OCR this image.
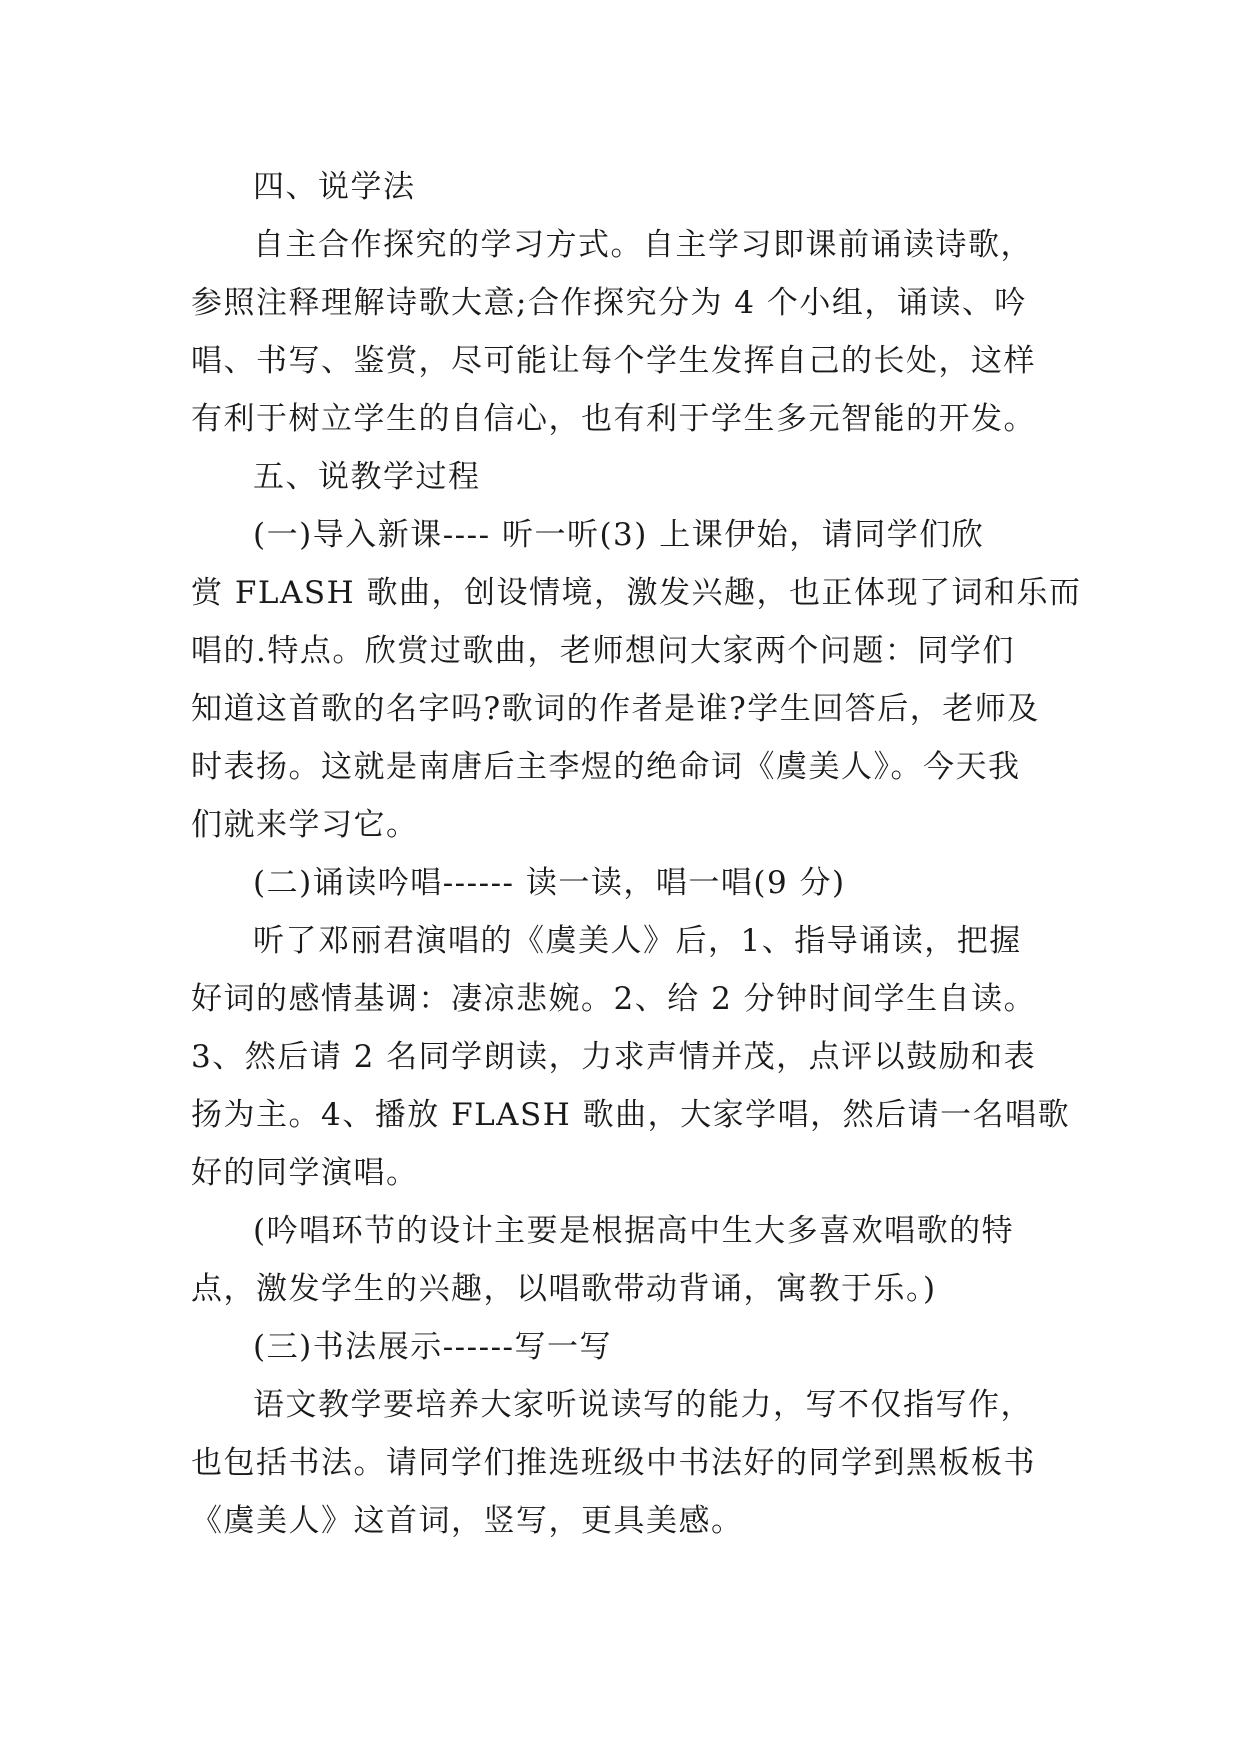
四、说学法
自主合作探究的学习方式。自主学习即课前诵读诗歌，
参照注释理解诗歌大意;合作探究分为 4 个小组，诵读、吟
唱、书写、鉴赏，尽可能让每个学生发挥自己的长处，这样
有利于树立学生的自信心，也有利于学生多元智能的开发。
五、说教学过程
(一)导入新课---- 听一听(3) 上课伊始，请同学们欣
赏 FLASH 歌曲，创设情境，激发兴趣，也正体现了词和乐而
唱的.特点。欣赏过歌曲，老师想问大家两个问题：同学们
知道这首歌的名字吗?歌词的作者是谁?学生回答后，老师及
时表扬。这就是南唐后主李煜的绝命词《虞美人》。今天我
们就来学习它。
(二)诵读吟唱------ 读一读，唱一唱(9 分)
听了邓丽君演唱的《虞美人》后，1、指导诵读，把握
好词的感情基调：凄凉悲婉。2、给 2 分钟时间学生自读。
3、然后请 2 名同学朗读，力求声情并茂，点评以鼓励和表
扬为主。4、播放 FLASH 歌曲，大家学唱，然后请一名唱歌
好的同学演唱。
(吟唱环节的设计主要是根据高中生大多喜欢唱歌的特
点，激发学生的兴趣，以唱歌带动背诵，寓教于乐。)
(三)书法展示------写一写
语文教学要培养大家听说读写的能力，写不仅指写作，
也包括书法。请同学们推选班级中书法好的同学到黑板板书
《虞美人》这首词，竖写，更具美感。
